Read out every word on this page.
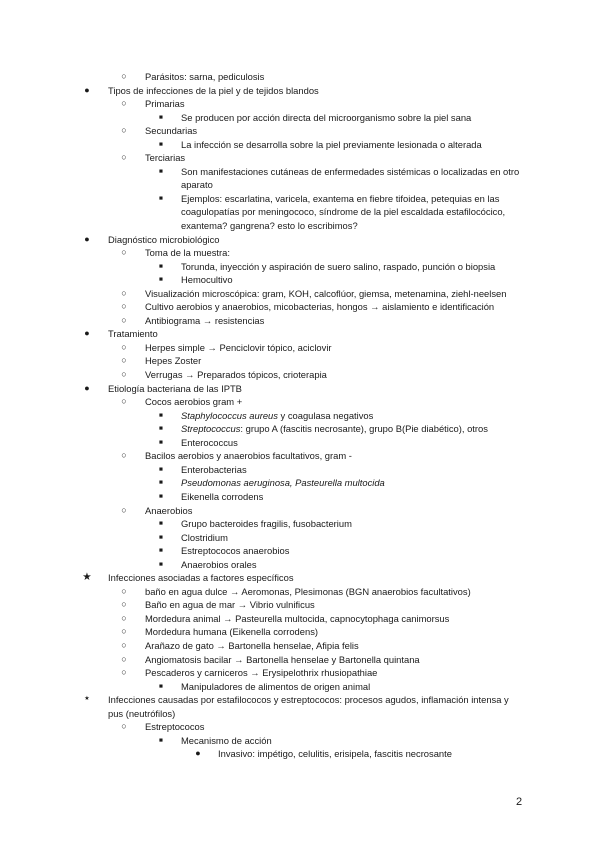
○ Parásitos: sarna, pediculosis
● Tipos de infecciones de la piel y de tejidos blandos
○ Primarias
■	Se producen por acción directa del microorganismo sobre la piel sana
○ Secundarias
■	La infección se desarrolla sobre la piel previamente lesionada o alterada
○ Terciarias
■	Son manifestaciones cutáneas de enfermedades sistémicas o localizadas en otro aparato
■	Ejemplos: escarlatina, varicela, exantema en fiebre tifoidea, petequias en las coagulopatías por meningococo, síndrome de la piel escaldada estafilocócico, exantema? gangrena? esto lo escribimos?
● Diagnóstico microbiológico
○ Toma de la muestra:
■	Torunda, inyección y aspiración de suero salino, raspado, punción o biopsia
■	Hemocultivo
○ Visualización microscópica: gram, KOH, calcoflúor, giemsa, metenamina, ziehl-neelsen
○ Cultivo aerobios y anaerobios, micobacterias, hongos → aislamiento e identificación
○ Antibiograma → resistencias
● Tratamiento
○ Herpes simple → Penciclovir tópico, aciclovir
○ Hepes Zoster
○ Verrugas → Preparados tópicos, crioterapia
● Etiología bacteriana de las IPTB
○ Cocos aerobios gram +
■	Staphylococcus aureus y coagulasa negativos
■	Streptococcus: grupo A (fascitis necrosante), grupo B(Pie diabético), otros
■	Enterococcus
○ Bacilos aerobios y anaerobios facultativos, gram -
■	Enterobacterias
■	Pseudomonas aeruginosa, Pasteurella multocida
■	Eikenella corrodens
○ Anaerobios
■	Grupo bacteroides fragilis, fusobacterium
■	Clostridium
■	Estreptococos anaerobios
■	Anaerobios orales
★ Infecciones asociadas a factores específicos
○ baño en agua dulce → Aeromonas, Plesimonas (BGN anaerobios facultativos)
○ Baño en agua de mar → Vibrio vulnificus
○ Mordedura animal → Pasteurella multocida, capnocytophaga canimorsus
○ Mordedura humana (Eikenella corrodens)
○ Arañazo de gato → Bartonella henselae, Afipia felis
○ Angiomatosis bacilar → Bartonella henselae y Bartonella quintana
○ Pescaderos y carniceros → Erysipelothrix rhusiopathiae
■	Manipuladores de alimentos de origen animal
★ Infecciones causadas por estafilococos y estreptococos: procesos agudos, inflamación intensa y pus (neutrófilos)
○ Estreptococos
■	Mecanismo de acción
● Invasivo: impétigo, celulitis, erisipela, fascitis necrosante
2
